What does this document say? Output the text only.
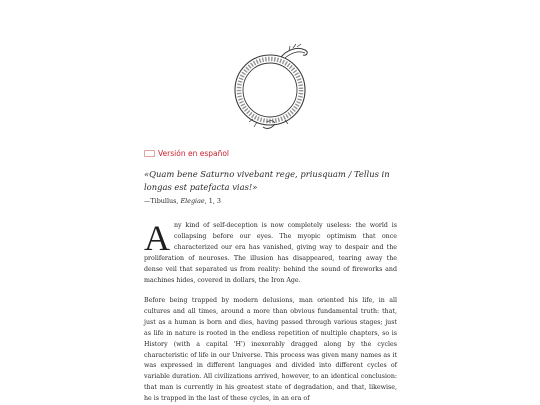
Versión en español
«Quam bene Saturno vivebant rege, priusquam / Tellus in longas est patefacta vias!»
—Tibullus, Elegiae, 1, 3

Any kind of self-deception is now completely useless: the world is collapsing before our eyes. The myopic optimism that once characterized our era has vanished, giving way to despair and the proliferation of neuroses. The illusion has disappeared, tearing away the dense veil that separated us from reality: behind the sound of fireworks and machines hides, covered in dollars, the Iron Age.

Before being trapped by modern delusions, man oriented his life, in all cultures and all times, around a more than obvious fundamental truth: that, just as a human is born and dies, having passed through various stages; just as life in nature is rooted in the endless repetition of multiple chapters, so is History (with a capital 'H') inexorably dragged along by the cycles characteristic of life in our Universe. This process was given many names as it was expressed in different languages and divided into different cycles of variable duration. All civilizations arrived, however, to an identical conclusion: that man is currently in his greatest state of degradation, and that, likewise, he is trapped in the last of these cycles, in an era of
